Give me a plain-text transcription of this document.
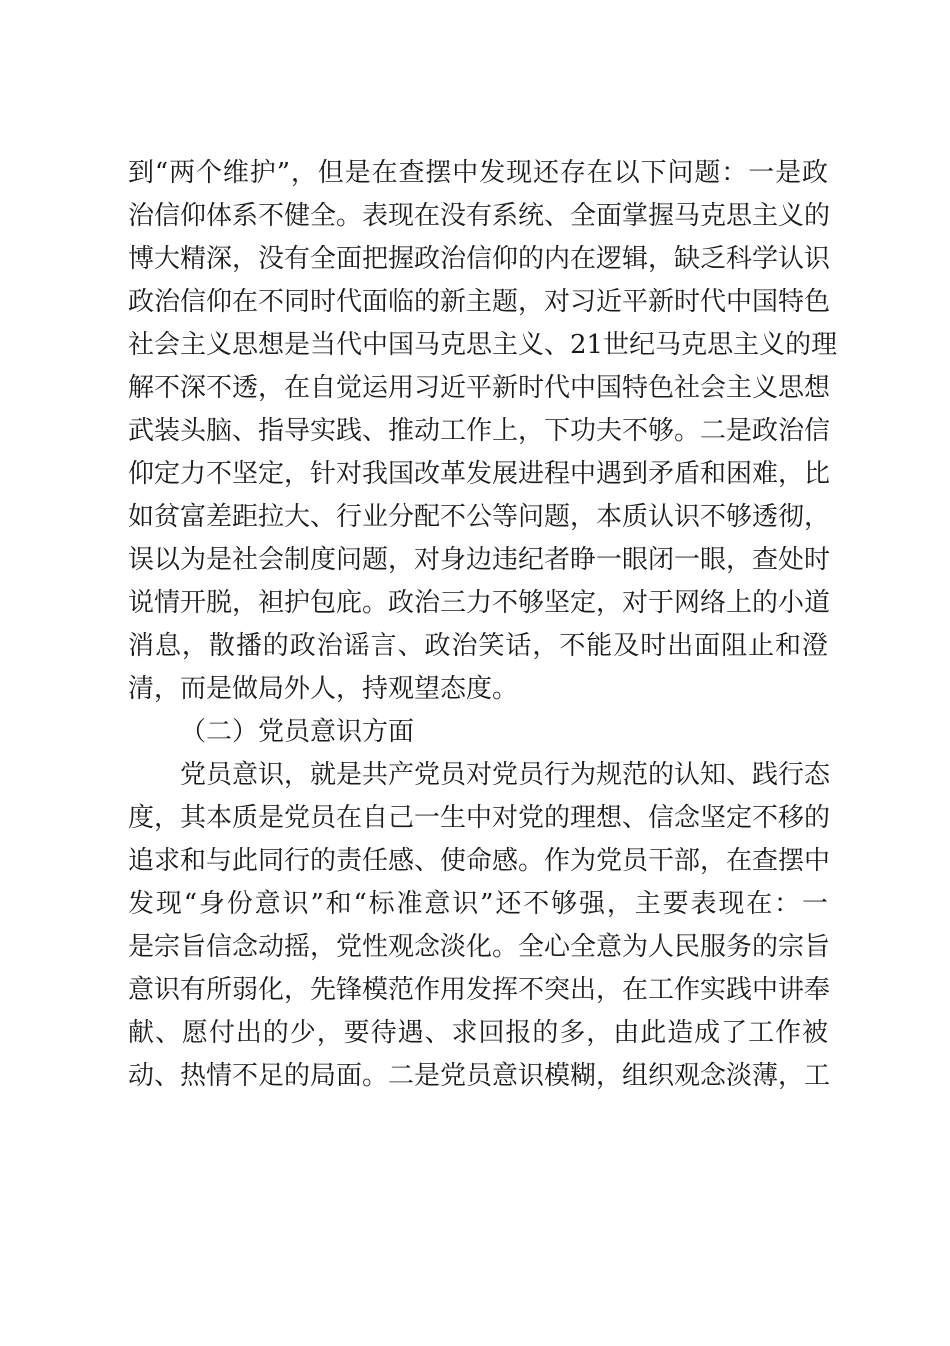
到“两个维护”，但是在查摆中发现还存在以下问题：一是政
治信仰体系不健全。表现在没有系统、全面掌握马克思主义的
博大精深，没有全面把握政治信仰的内在逻辑，缺乏科学认识
政治信仰在不同时代面临的新主题，对习近平新时代中国特色
社会主义思想是当代中国马克思主义、21世纪马克思主义的理
解不深不透，在自觉运用习近平新时代中国特色社会主义思想
武装头脑、指导实践、推动工作上，下功夫不够。二是政治信
仰定力不坚定，针对我国改革发展进程中遇到矛盾和困难，比
如贫富差距拉大、行业分配不公等问题，本质认识不够透彻，
误以为是社会制度问题，对身边违纪者睁一眼闭一眼，查处时
说情开脱，袒护包庇。政治三力不够坚定，对于网络上的小道
消息，散播的政治谣言、政治笑话，不能及时出面阻止和澄
清，而是做局外人，持观望态度。
（二）党员意识方面
党员意识，就是共产党员对党员行为规范的认知、践行态
度，其本质是党员在自己一生中对党的理想、信念坚定不移的
追求和与此同行的责任感、使命感。作为党员干部，在查摆中
发现“身份意识”和“标准意识”还不够强，主要表现在：一
是宗旨信念动摇，党性观念淡化。全心全意为人民服务的宗旨
意识有所弱化，先锋模范作用发挥不突出，在工作实践中讲奉
献、愿付出的少，要待遇、求回报的多，由此造成了工作被
动、热情不足的局面。二是党员意识模糊，组织观念淡薄，工
